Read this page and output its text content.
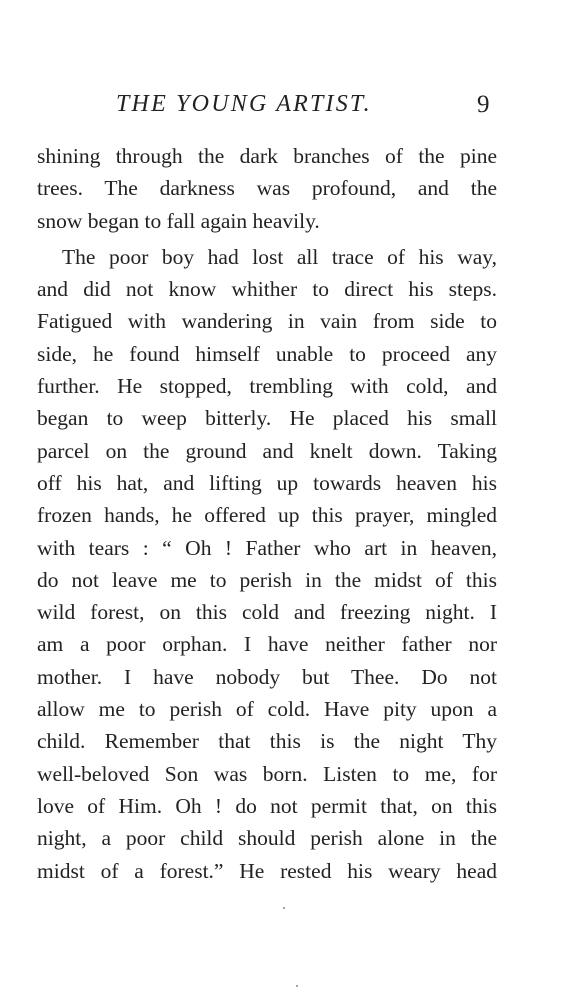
THE YOUNG ARTIST.	9
shining through the dark branches of the pine
trees. The darkness was profound, and the
snow began to fall again heavily.
The poor boy had lost all trace of his way,
and did not know whither to direct his steps.
Fatigued with wandering in vain from side to
side, he found himself unable to proceed any
further. He stopped, trembling with cold, and
began to weep bitterly. He placed his small
parcel on the ground and knelt down. Taking
off his hat, and lifting up towards heaven his
frozen hands, he offered up this prayer, mingled
with tears : “ Oh ! Father who art in heaven,
do not leave me to perish in the midst of this
wild forest, on this cold and freezing night. I
am a poor orphan. I have neither father nor
mother. I have nobody but Thee. Do not
allow me to perish of cold. Have pity upon a
child. Remember that this is the night Thy
well-beloved Son was born. Listen to me, for
love of Him. Oh ! do not permit that, on this
night, a poor child should perish alone in the
midst of a forest.” He rested his weary head
